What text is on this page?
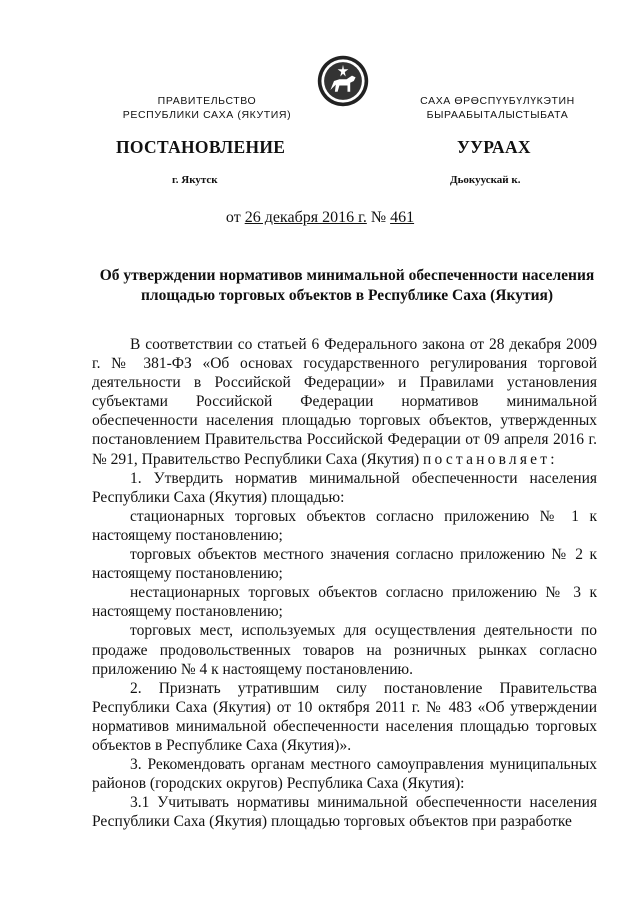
ПРАВИТЕЛЬСТВО
РЕСПУБЛИКИ САХА (ЯКУТИЯ)
САХА ӨРӨСПҮҮБҮЛҮКЭТИН
БЫРААБЫТАЛЫСТЫБАТА
ПОСТАНОВЛЕНИЕ	УУРААХ
г. Якутск	Дьокуускай к.
от 26 декабря 2016 г. № 461
Об утверждении нормативов минимальной обеспеченности населения
площадью торговых объектов в Республике Саха (Якутия)

В соответствии со статьей 6 Федерального закона от 28 декабря 2009 г. № 381-ФЗ «Об основах государственного регулирования торговой деятельности в Российской Федерации» и Правилами установления субъектами Российской Федерации нормативов минимальной обеспеченности населения площадью торговых объектов, утвержденных постановлением Правительства Российской Федерации от 09 апреля 2016 г. № 291, Правительство Республики Саха (Якутия) постановляет:

1. Утвердить норматив минимальной обеспеченности населения Республики Саха (Якутия) площадью:

стационарных торговых объектов согласно приложению № 1 к настоящему постановлению;

торговых объектов местного значения согласно приложению № 2 к настоящему постановлению;

нестационарных торговых объектов согласно приложению № 3 к настоящему постановлению;

торговых мест, используемых для осуществления деятельности по продаже продовольственных товаров на розничных рынках согласно приложению № 4 к настоящему постановлению.

2. Признать утратившим силу постановление Правительства Республики Саха (Якутия) от 10 октября 2011 г. № 483 «Об утверждении нормативов минимальной обеспеченности населения площадью торговых объектов в Республике Саха (Якутия)».

3. Рекомендовать органам местного самоуправления муниципальных районов (городских округов) Республика Саха (Якутия):

3.1 Учитывать нормативы минимальной обеспеченности населения Республики Саха (Якутия) площадью торговых объектов при разработке
